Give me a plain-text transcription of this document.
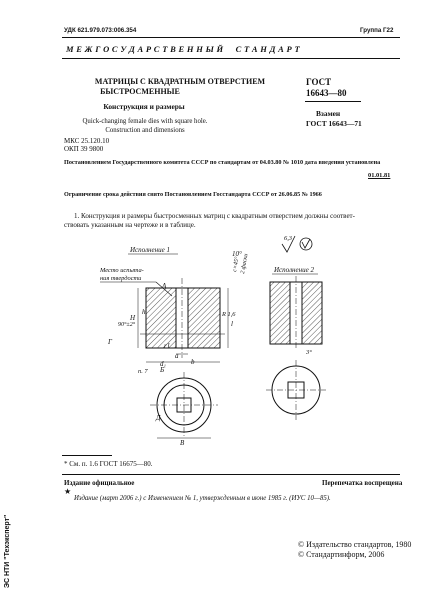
УДК 621.979.073:006.354	Группа Г22
М Е Ж Г О С У Д А Р С Т В Е Н Н Ы Й     С Т А Н Д А Р Т
МАТРИЦЫ С КВАДРАТНЫМ ОТВЕРСТИЕМ
БЫСТРОСМЕННЫЕ
Конструкция и размеры
Quick-changing female dies with square hole.
Construction and dimensions
ГОСТ
16643—80
Взамен
ГОСТ 16643—71
МКС 25.120.10
ОКП 39 9800
Постановлением Государственного комитета СССР по стандартам от 04.03.80 № 1010 дата введения установлена
01.01.81
Ограничение срока действия снято Постановлением Госстандарта СССР от 26.06.85 № 1966
1. Конструкция и размеры быстросменных матриц с квадратным отверстием должны соответ-
ствовать указанным на чертеже и в таблице.
Исполнение 1
Место испыта-
ния твердости
А
H
h
10°
c×45° 2 фаски
90°±2°
R 1,6
l
r1
a
Г
d₁	b
п. 7 Б
Д
В
6,3
Исполнение 2
3°
* См. п. 1.6 ГОСТ 16675—80.
Издание официальное
★
Перепечатка воспрещена
Издание (март 2006 г.) с Изменением № 1, утвержденным в июне 1985 г. (ИУС 10—85).
© Издательство стандартов, 1980
© Стандартинформ, 2006
ЭС НТИ "Техэксперт"
